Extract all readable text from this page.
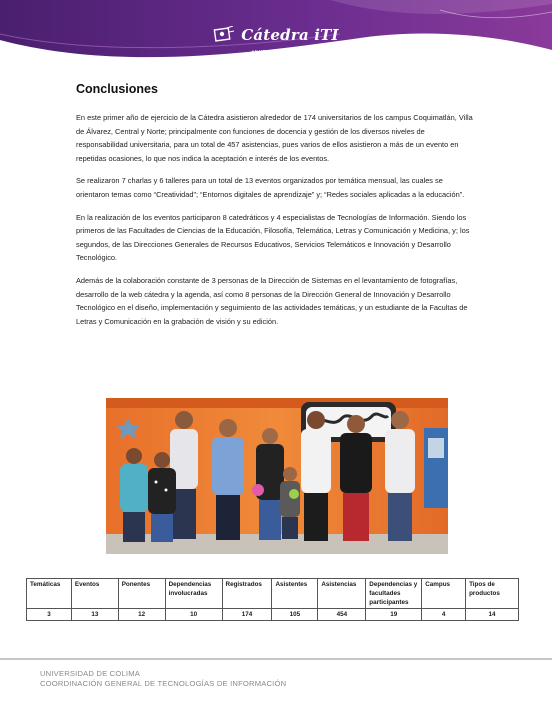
Cátedra iTI
#EXPANDETUMENTE
Conclusiones

En este primer año de ejercicio de la Cátedra asistieron alrededor de 174 universitarios de los campus Coquimatlán, Villa de Álvarez, Central y Norte; principalmente con funciones de docencia y gestión de los diversos niveles de responsabilidad universitaria, para un total de 457 asistencias, pues varios de ellos asistieron a más de un evento en repetidas ocasiones, lo que nos indica la aceptación e interés de los eventos.

Se realizaron 7 charlas y 6 talleres para un total de 13 eventos organizados por temática mensual, las cuales se orientaron temas como “Creatividad”; “Entornos digitales de aprendizaje” y; “Redes sociales aplicadas a la educación”.

En la realización de los eventos participaron 8 catedráticos y 4 especialistas de Tecnologías de Información. Siendo los primeros de las Facultades de Ciencias de la Educación, Filosofía, Telemática, Letras y Comunicación y Medicina, y; los segundos, de las Direcciones Generales de Recursos Educativos, Servicios Telemáticos e Innovación y Desarrollo Tecnológico.

Además de la colaboración constante de 3 personas de la Dirección de Sistemas en el levantamiento de fotografías, desarrollo de la web cátedra y la agenda, así como 8 personas de la Dirección General de Innovación y Desarrollo Tecnológico en el diseño, implementación y seguimiento de las actividades temáticas, y un estudiante de la Facultas de Letras y Comunicación en la grabación de visión y su edición.

Temáticas	Eventos	Ponentes	Dependencias involucradas	Registrados	Asistentes	Asistencias	Dependencias y facultades participantes	Campus	Tipos de productos
3	13	12	10	174	105	454	19	4	14
UNIVERSIDAD DE COLIMA
COORDINACIÓN GENERAL DE TECNOLOGÍAS DE INFORMACIÓN
